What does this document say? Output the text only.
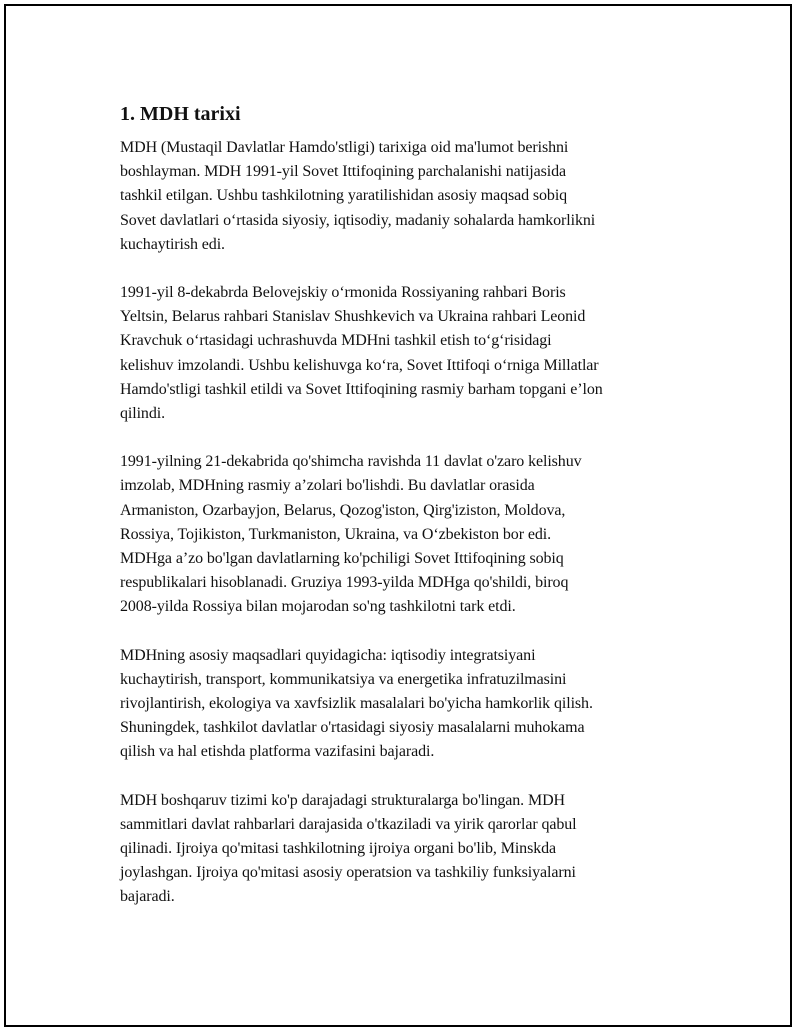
1. MDH tarixi

MDH (Mustaqil Davlatlar Hamdo'stligi) tarixiga oid ma'lumot berishni
boshlayman. MDH 1991-yil Sovet Ittifoqining parchalanishi natijasida
tashkil etilgan. Ushbu tashkilotning yaratilishidan asosiy maqsad sobiq
Sovet davlatlari o‘rtasida siyosiy, iqtisodiy, madaniy sohalarda hamkorlikni
kuchaytirish edi.

1991-yil 8-dekabrda Belovejskiy o‘rmonida Rossiyaning rahbari Boris
Yeltsin, Belarus rahbari Stanislav Shushkevich va Ukraina rahbari Leonid
Kravchuk o‘rtasidagi uchrashuvda MDHni tashkil etish to‘g‘risidagi
kelishuv imzolandi. Ushbu kelishuvga ko‘ra, Sovet Ittifoqi o‘rniga Millatlar
Hamdo'stligi tashkil etildi va Sovet Ittifoqining rasmiy barham topgani e’lon
qilindi.

1991-yilning 21-dekabrida qo'shimcha ravishda 11 davlat o'zaro kelishuv
imzolab, MDHning rasmiy a’zolari bo'lishdi. Bu davlatlar orasida
Armaniston, Ozarbayjon, Belarus, Qozog'iston, Qirg'iziston, Moldova,
Rossiya, Tojikiston, Turkmaniston, Ukraina, va O‘zbekiston bor edi.
MDHga a’zo bo'lgan davlatlarning ko'pchiligi Sovet Ittifoqining sobiq
respublikalari hisoblanadi. Gruziya 1993-yilda MDHga qo'shildi, biroq
2008-yilda Rossiya bilan mojarodan so'ng tashkilotni tark etdi.

MDHning asosiy maqsadlari quyidagicha: iqtisodiy integratsiyani
kuchaytirish, transport, kommunikatsiya va energetika infratuzilmasini
rivojlantirish, ekologiya va xavfsizlik masalalari bo'yicha hamkorlik qilish.
Shuningdek, tashkilot davlatlar o'rtasidagi siyosiy masalalarni muhokama
qilish va hal etishda platforma vazifasini bajaradi.

MDH boshqaruv tizimi ko'p darajadagi strukturalarga bo'lingan. MDH
sammitlari davlat rahbarlari darajasida o'tkaziladi va yirik qarorlar qabul
qilinadi. Ijroiya qo'mitasi tashkilotning ijroiya organi bo'lib, Minskda
joylashgan. Ijroiya qo'mitasi asosiy operatsion va tashkiliy funksiyalarni
bajaradi.
